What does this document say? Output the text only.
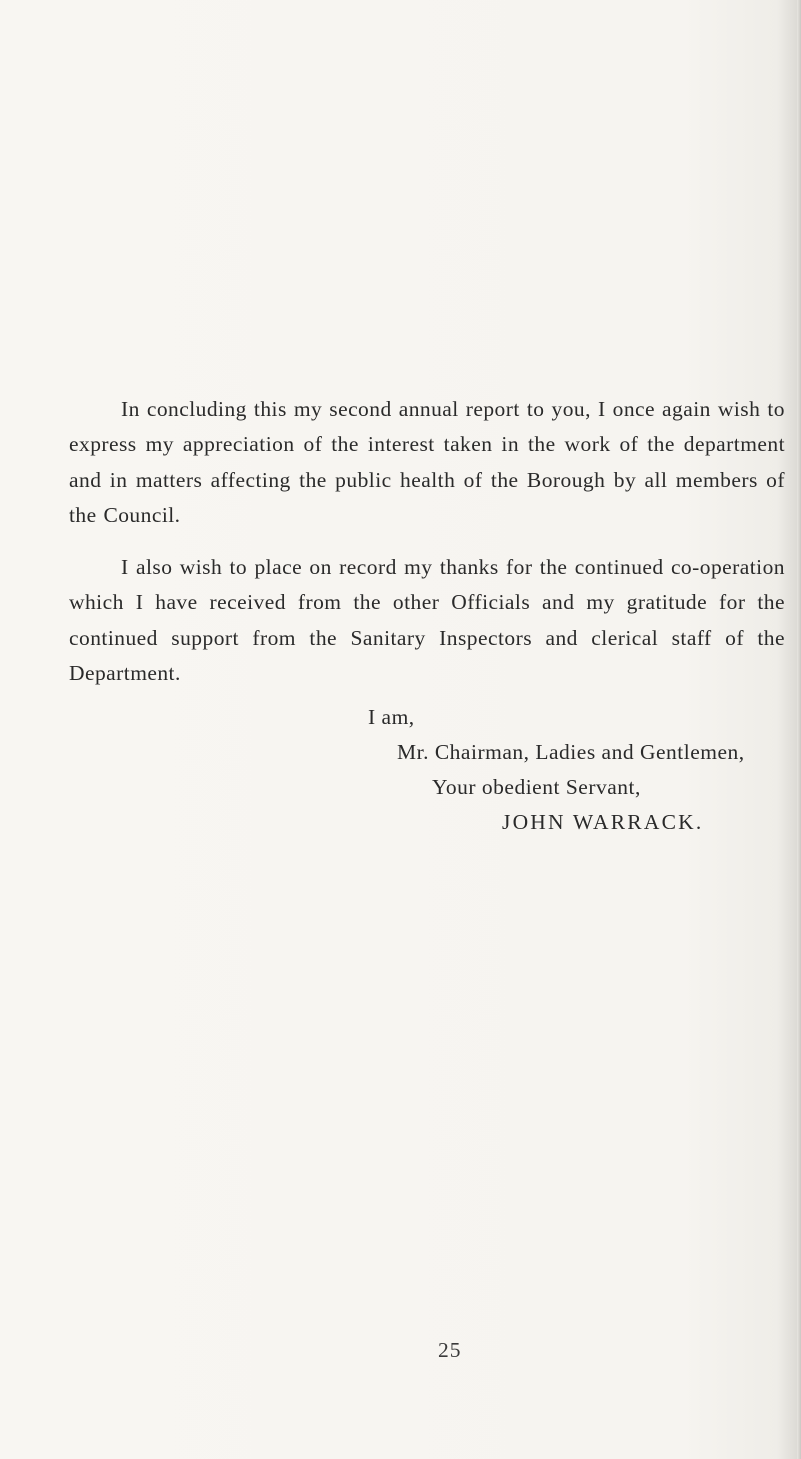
In concluding this my second annual report to you, I once again wish to express my appreciation of the interest taken in the work of the department and in matters affecting the public health of the Borough by all members of the Council.

I also wish to place on record my thanks for the continued co-operation which I have received from the other Officials and my gratitude for the continued support from the Sanitary Inspectors and clerical staff of the Department.

I am,

Mr. Chairman, Ladies and Gentlemen,

Your obedient Servant,

JOHN WARRACK.

25
